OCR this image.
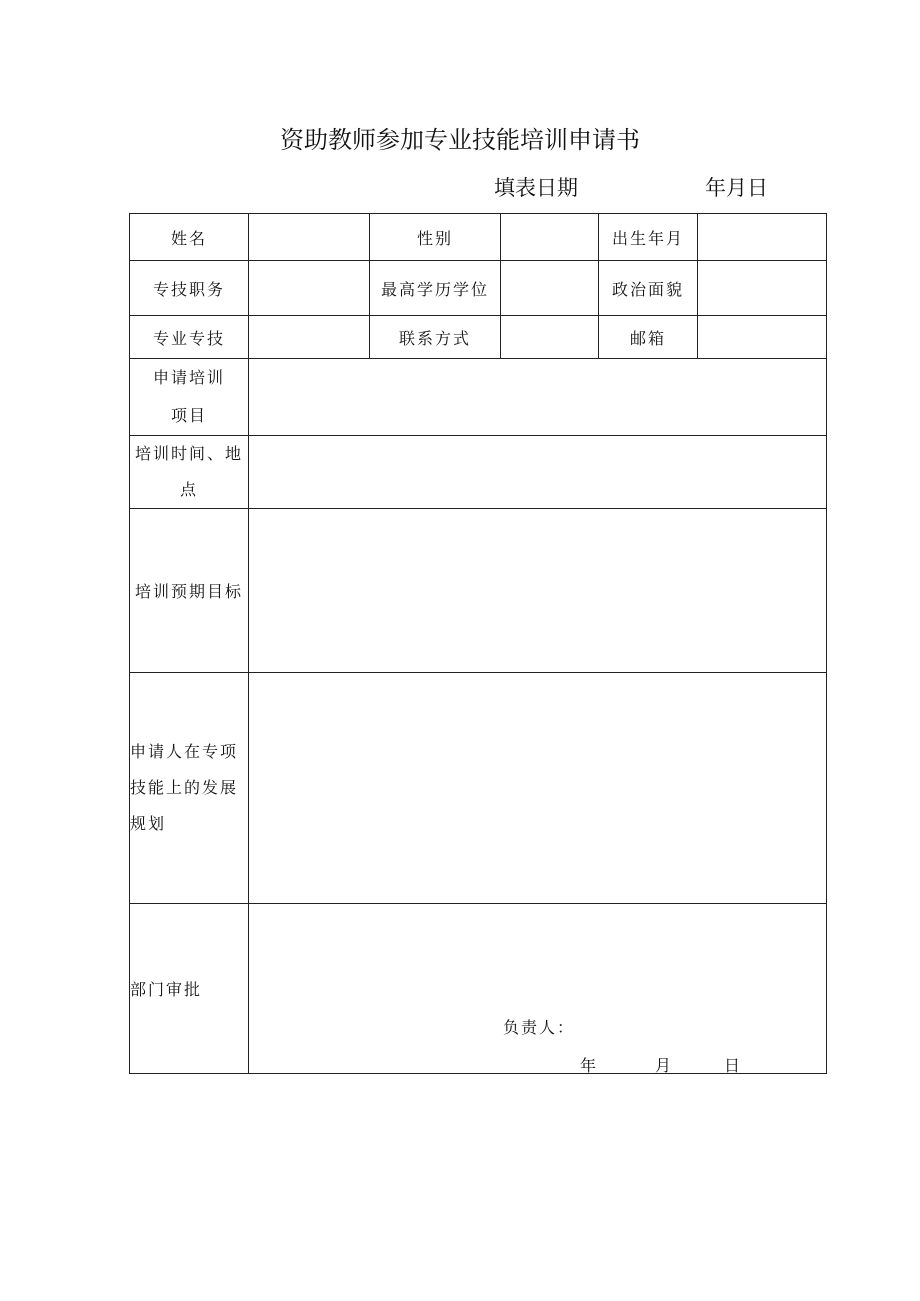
资助教师参加专业技能培训申请书
填表日期	年月日
姓名		性别		出生年月	
专技职务		最高学历学位		政治面貌	
专业专技		联系方式		邮箱	

申请培训
项目					

培训时间、地
点					

培训预期目标					

申请人在专项
技能上的发展
规划					

部门审批	负责人：
年 月 日				
